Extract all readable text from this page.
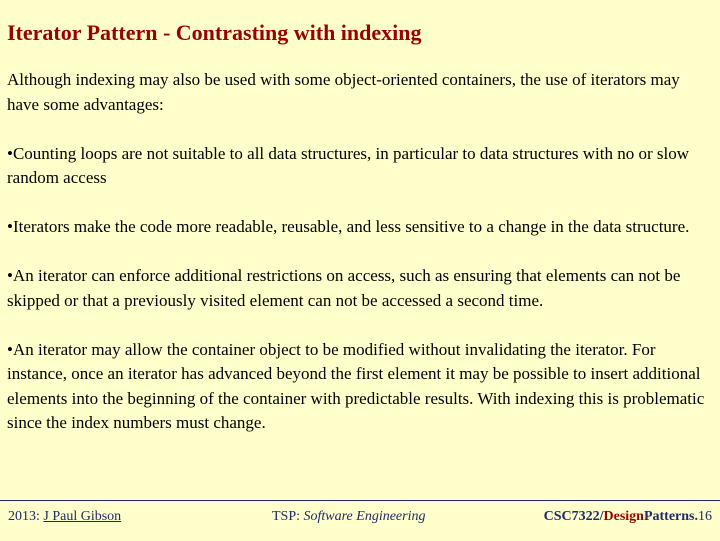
Iterator Pattern - Contrasting with indexing

Although indexing may also be used with some object-oriented containers, the use of iterators may have some advantages:

•Counting loops are not suitable to all data structures, in particular to data structures with no or slow random access

•Iterators make the code more readable, reusable, and less sensitive to a change in the data structure.

•An iterator can enforce additional restrictions on access, such as ensuring that elements can not be skipped or that a previously visited element can not be accessed a second time.

•An iterator may allow the container object to be modified without invalidating the iterator. For instance, once an iterator has advanced beyond the first element it may be possible to insert additional elements into the beginning of the container with predictable results. With indexing this is problematic since the index numbers must change.

2013: J Paul Gibson	TSP: Software Engineering	CSC7322/DesignPatterns.16
